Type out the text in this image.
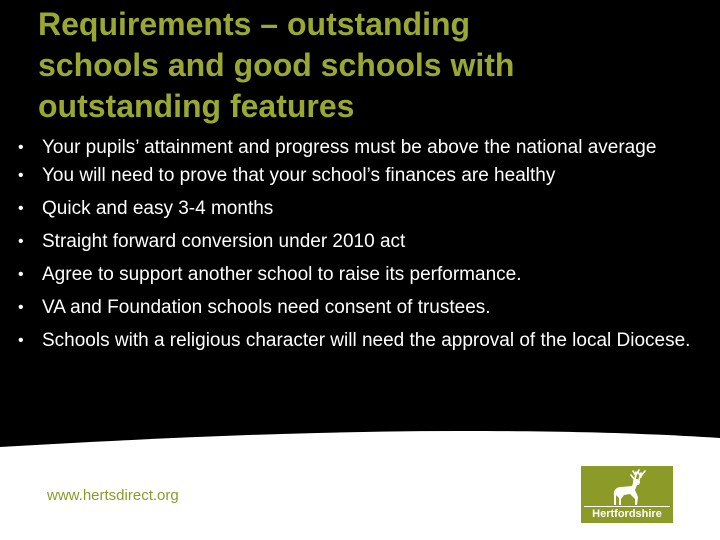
Requirements – outstanding
schools and good schools with
outstanding features
• Your pupils’ attainment and progress must be above the national average
• You will need to prove that your school’s finances are healthy
• Quick and easy 3-4 months
• Straight forward conversion under 2010 act
• Agree to support another school to raise its performance.
• VA and Foundation schools need consent of trustees.
• Schools with a religious character will need the approval of the local Diocese.
www.hertsdirect.org
Hertfordshire
